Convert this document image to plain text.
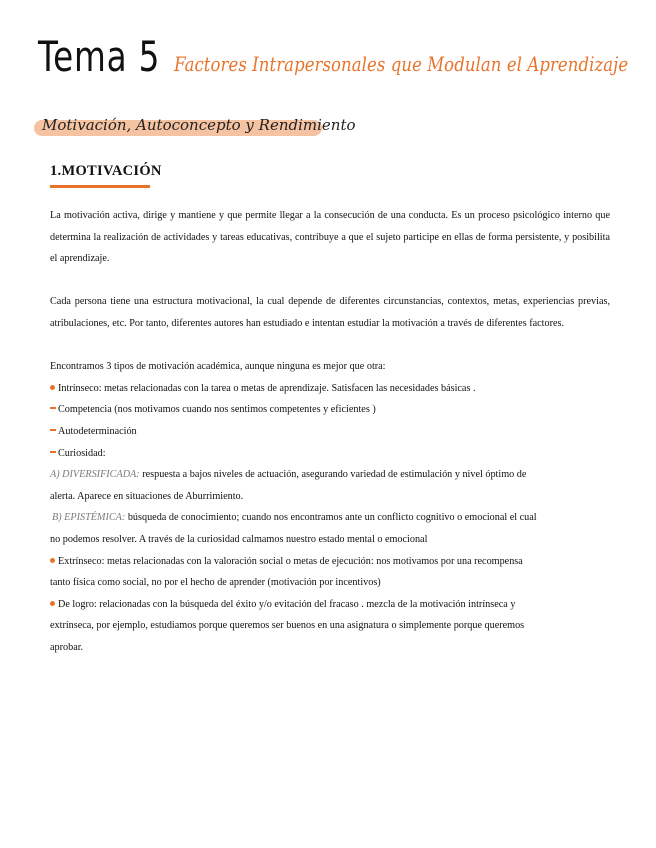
Tema 5 Factores Intrapersonales que Modulan el Aprendizaje
Motivación, Autoconcepto y Rendimiento
1.MOTIVACIÓN

La motivación activa, dirige y mantiene y que permite llegar a la consecución de una conducta. Es un proceso psicológico interno que determina la realización de actividades y tareas educativas, contribuye a que el sujeto participe en ellas de forma persistente, y posibilita el aprendizaje.

Cada persona tiene una estructura motivacional, la cual depende de diferentes circunstancias, contextos, metas, experiencias previas, atribulaciones, etc. Por tanto, diferentes autores han estudiado e intentan estudiar la motivación a través de diferentes factores.

Encontramos 3 tipos de motivación académica, aunque ninguna es mejor que otra:
Intrínseco: metas relacionadas con la tarea o metas de aprendizaje. Satisfacen las necesidades básicas .
Competencia (nos motivamos cuando nos sentimos competentes y eficientes )
Autodeterminación
Curiosidad:
A) DIVERSIFICADA: respuesta a bajos niveles de actuación, asegurando variedad de estimulación y nivel óptimo de
alerta. Aparece en situaciones de Aburrimiento.
B) EPISTÉMICA: búsqueda de conocimiento; cuando nos encontramos ante un conflicto cognitivo o emocional el cual
no podemos resolver. A través de la curiosidad calmamos nuestro estado mental o emocional
Extrínseco: metas relacionadas con la valoración social o metas de ejecución: nos motivamos por una recompensa
tanto física como social, no por el hecho de aprender (motivación por incentivos)
De logro: relacionadas con la búsqueda del éxito y/o evitación del fracaso . mezcla de la motivación intrínseca y
extrínseca, por ejemplo, estudiamos porque queremos ser buenos en una asignatura o simplemente porque queremos
aprobar.
